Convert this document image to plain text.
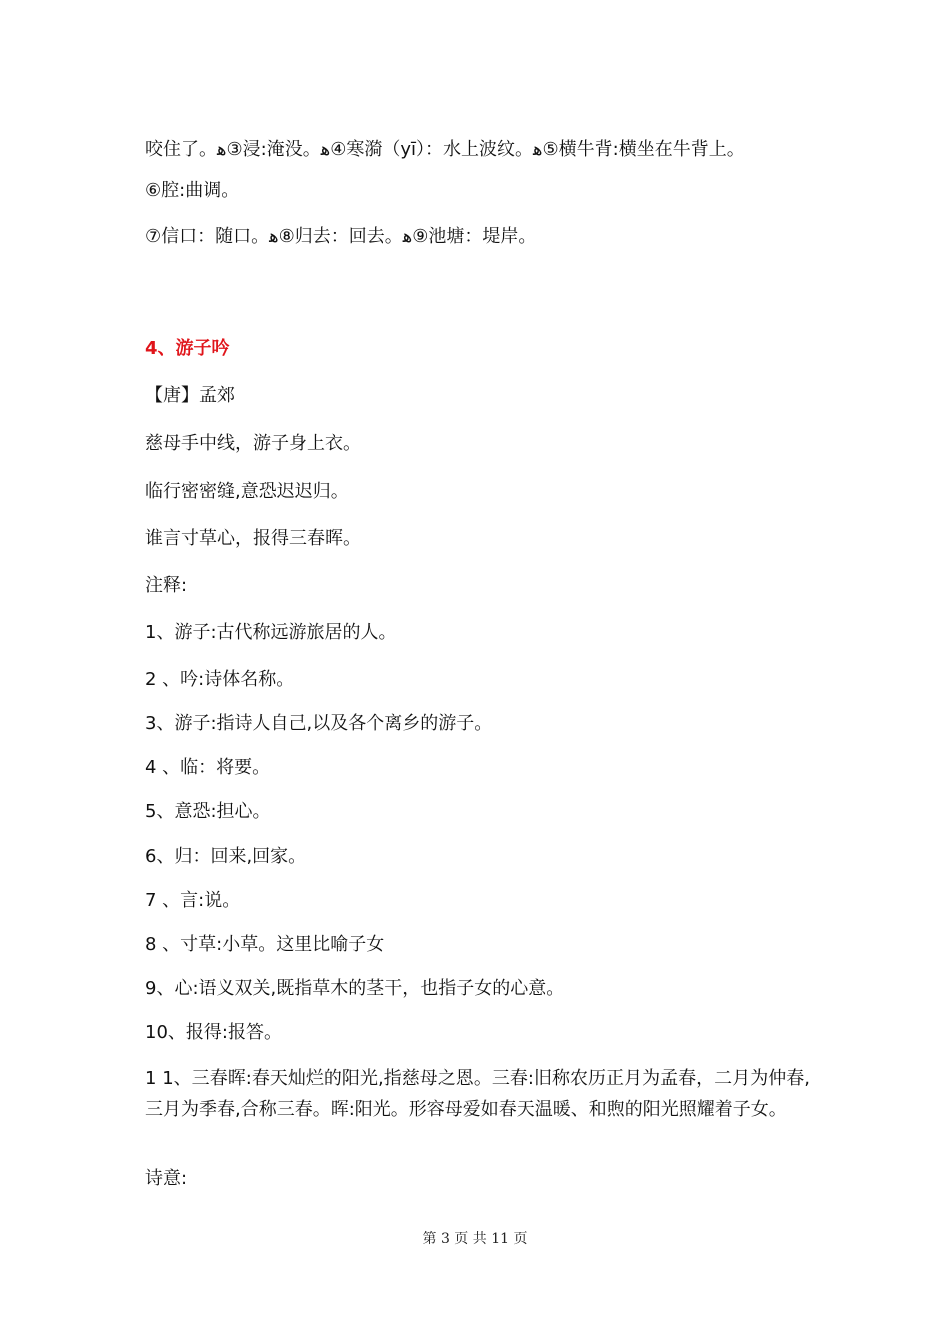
咬住了。ﻫ③浸:淹没。ﻫ④寒漪（yī）：水上波纹。ﻫ⑤横牛背:横坐在牛背上。
⑥腔:曲调。
⑦信口：随口。ﻫ⑧归去：回去。ﻫ⑨池塘：堤岸。
4、游子吟
【唐】孟郊
慈母手中线，游子身上衣。
临行密密缝,意恐迟迟归。
谁言寸草心，报得三春晖。
注释:
1、游子:古代称远游旅居的人。
2 、吟:诗体名称。
3、游子:指诗人自己,以及各个离乡的游子。
4 、临：将要。
5、意恐:担心。
6、归：回来,回家。
7 、言:说。
8 、寸草:小草。这里比喻子女
9、心:语义双关,既指草木的茎干，也指子女的心意。
10、报得:报答。
1 1、三春晖:春天灿烂的阳光,指慈母之恩。三春:旧称农历正月为孟春，二月为仲春,三月为季春,合称三春。晖:阳光。形容母爱如春天温暖、和煦的阳光照耀着子女。
诗意:
第 3 页 共 11 页
